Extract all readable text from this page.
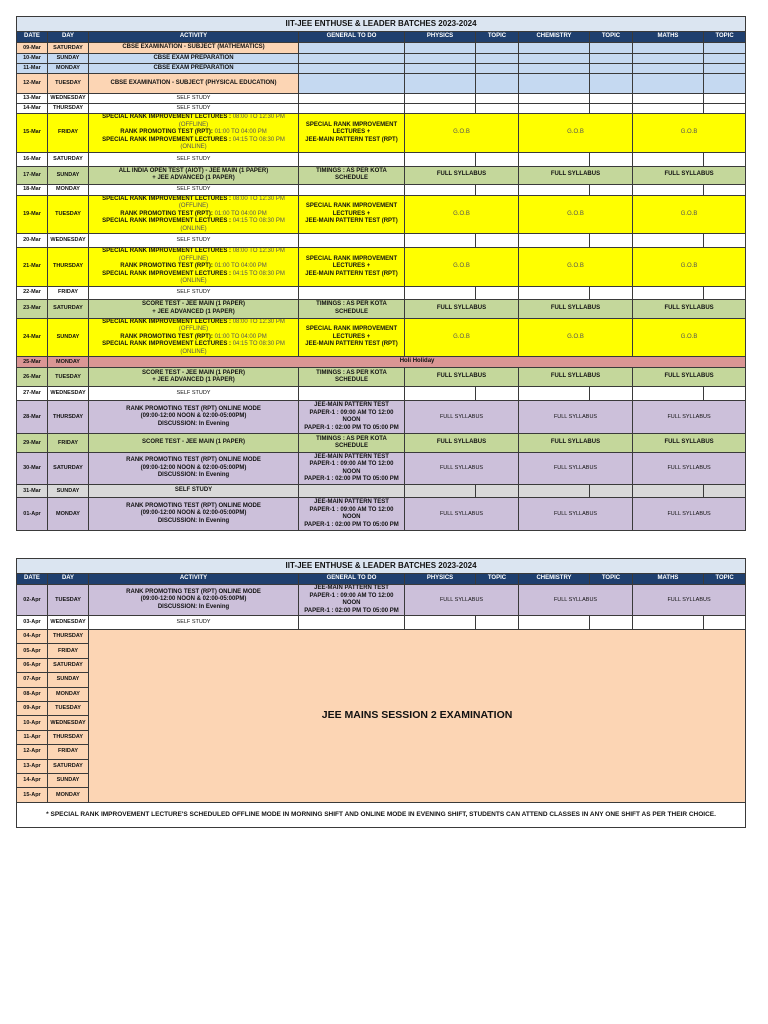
IIT-JEE ENTHUSE & LEADER BATCHES 2023-2024									
DATE	DAY	ACTIVITY	GENERAL TO DO	PHYSICS	TOPIC	CHEMISTRY	TOPIC	MATHS	TOPIC
09-Mar	SATURDAY	CBSE EXAMINATION - SUBJECT (MATHEMATICS)							
10-Mar	SUNDAY	CBSE EXAM PREPARATION							
11-Mar	MONDAY	CBSE EXAM PREPARATION							
12-Mar	TUESDAY	CBSE EXAMINATION - SUBJECT (PHYSICAL EDUCATION)							
13-Mar	WEDNESDAY	SELF STUDY							
14-Mar	THURSDAY	SELF STUDY							
15-Mar	FRIDAY	SPECIAL RANK IMPROVEMENT LECTURES : 08:00 TO 12:30 PM (OFFLINE)
RANK PROMOTING TEST (RPT): 01:00 TO 04:00 PM
SPECIAL RANK IMPROVEMENT LECTURES : 04:15 TO 08:30 PM (ONLINE)	SPECIAL RANK IMPROVEMENT
LECTURES +
JEE-MAIN PATTERN TEST (RPT)	G.O.B		G.O.B		G.O.B	
16-Mar	SATURDAY	SELF STUDY							
17-Mar	SUNDAY	ALL INDIA OPEN TEST (AIOT) - JEE MAIN (1 PAPER)
+ JEE ADVANCED (1 PAPER)	TIMINGS : AS PER KOTA SCHEDULE	FULL SYLLABUS		FULL SYLLABUS		FULL SYLLABUS	
18-Mar	MONDAY	SELF STUDY							
19-Mar	TUESDAY	SPECIAL RANK IMPROVEMENT LECTURES : 08:00 TO 12:30 PM (OFFLINE)
RANK PROMOTING TEST (RPT): 01:00 TO 04:00 PM
SPECIAL RANK IMPROVEMENT LECTURES : 04:15 TO 08:30 PM (ONLINE)	SPECIAL RANK IMPROVEMENT
LECTURES +
JEE-MAIN PATTERN TEST (RPT)	G.O.B		G.O.B		G.O.B	
20-Mar	WEDNESDAY	SELF STUDY							
21-Mar	THURSDAY	SPECIAL RANK IMPROVEMENT LECTURES : 08:00 TO 12:30 PM (OFFLINE)
RANK PROMOTING TEST (RPT): 01:00 TO 04:00 PM
SPECIAL RANK IMPROVEMENT LECTURES : 04:15 TO 08:30 PM (ONLINE)	SPECIAL RANK IMPROVEMENT
LECTURES +
JEE-MAIN PATTERN TEST (RPT)	G.O.B		G.O.B		G.O.B	
22-Mar	FRIDAY	SELF STUDY							
23-Mar	SATURDAY	SCORE TEST - JEE MAIN (1 PAPER)
+ JEE ADVANCED (1 PAPER)	TIMINGS : AS PER KOTA SCHEDULE	FULL SYLLABUS		FULL SYLLABUS		FULL SYLLABUS	
24-Mar	SUNDAY	SPECIAL RANK IMPROVEMENT LECTURES : 08:00 TO 12:30 PM (OFFLINE)
RANK PROMOTING TEST (RPT): 01:00 TO 04:00 PM
SPECIAL RANK IMPROVEMENT LECTURES : 04:15 TO 08:30 PM (ONLINE)	SPECIAL RANK IMPROVEMENT
LECTURES +
JEE-MAIN PATTERN TEST (RPT)	G.O.B		G.O.B		G.O.B	
25-Mar	MONDAY	Holi Holiday							
26-Mar	TUESDAY	SCORE TEST - JEE MAIN (1 PAPER)
+ JEE ADVANCED (1 PAPER)	TIMINGS : AS PER KOTA SCHEDULE	FULL SYLLABUS		FULL SYLLABUS		FULL SYLLABUS	
27-Mar	WEDNESDAY	SELF STUDY							
28-Mar	THURSDAY	RANK PROMOTING TEST (RPT) ONLINE MODE
(09:00-12:00 NOON & 02:00-05:00PM)
DISCUSSION: In Evening	JEE-MAIN PATTERN TEST
PAPER-1 : 09:00 AM TO 12:00 NOON
PAPER-1 : 02:00 PM TO 05:00 PM	FULL SYLLABUS		FULL SYLLABUS		FULL SYLLABUS	
29-Mar	FRIDAY	SCORE TEST - JEE MAIN (1 PAPER)	TIMINGS : AS PER KOTA SCHEDULE	FULL SYLLABUS		FULL SYLLABUS		FULL SYLLABUS	
30-Mar	SATURDAY	RANK PROMOTING TEST (RPT) ONLINE MODE
(09:00-12:00 NOON & 02:00-05:00PM)
DISCUSSION: In Evening	JEE-MAIN PATTERN TEST
PAPER-1 : 09:00 AM TO 12:00 NOON
PAPER-1 : 02:00 PM TO 05:00 PM	FULL SYLLABUS		FULL SYLLABUS		FULL SYLLABUS	
31-Mar	SUNDAY	SELF STUDY							
01-Apr	MONDAY	RANK PROMOTING TEST (RPT) ONLINE MODE
(09:00-12:00 NOON & 02:00-05:00PM)
DISCUSSION: In Evening	JEE-MAIN PATTERN TEST
PAPER-1 : 09:00 AM TO 12:00 NOON
PAPER-1 : 02:00 PM TO 05:00 PM	FULL SYLLABUS		FULL SYLLABUS		FULL SYLLABUS	
IIT-JEE ENTHUSE & LEADER BATCHES 2023-2024									
DATE	DAY	ACTIVITY	GENERAL TO DO	PHYSICS	TOPIC	CHEMISTRY	TOPIC	MATHS	TOPIC
02-Apr	TUESDAY	RANK PROMOTING TEST (RPT) ONLINE MODE
(09:00-12:00 NOON & 02:00-05:00PM)
DISCUSSION: In Evening	JEE-MAIN PATTERN TEST
PAPER-1 : 09:00 AM TO 12:00 NOON
PAPER-1 : 02:00 PM TO 05:00 PM	FULL SYLLABUS		FULL SYLLABUS		FULL SYLLABUS	
03-Apr	WEDNESDAY	SELF STUDY							
04-Apr	THURSDAY	JEE MAINS SESSION 2 EXAMINATION							
05-Apr	FRIDAY								
06-Apr	SATURDAY								
07-Apr	SUNDAY								
08-Apr	MONDAY								
09-Apr	TUESDAY								
10-Apr	WEDNESDAY								
11-Apr	THURSDAY								
12-Apr	FRIDAY								
13-Apr	SATURDAY								
14-Apr	SUNDAY								
15-Apr	MONDAY								
* SPECIAL RANK IMPROVEMENT LECTURE'S SCHEDULED OFFLINE MODE IN MORNING SHIFT AND ONLINE MODE IN EVENING SHIFT, STUDENTS CAN ATTEND CLASSES IN ANY ONE SHIFT AS PER THEIR CHOICE.									
